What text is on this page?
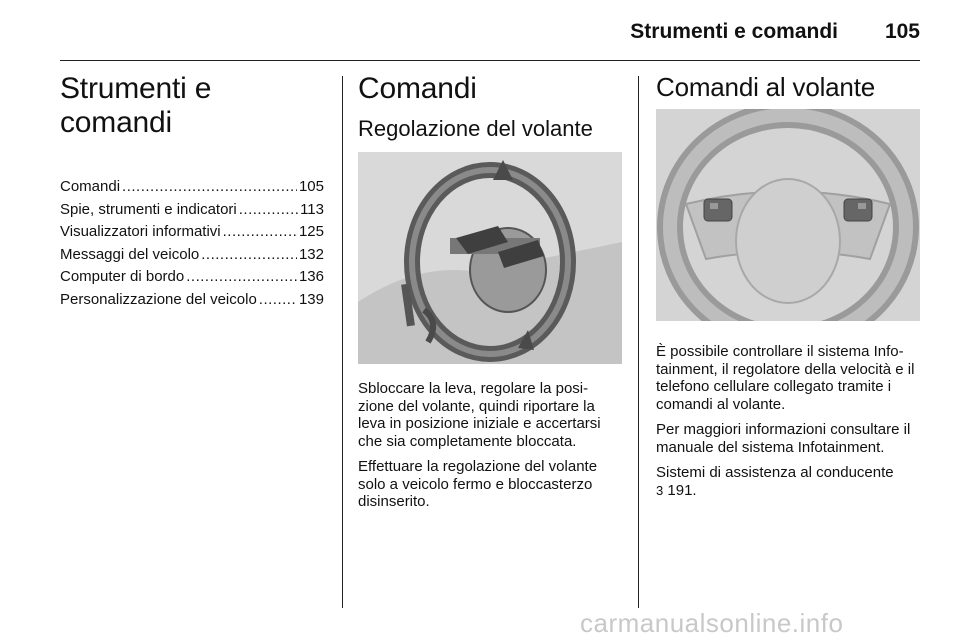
Strumenti e comandi 105
Strumenti e comandi
Comandi .....	105
Spie, strumenti e indicatori .....	113
Visualizzatori informativi .....	125
Messaggi del veicolo .....	132
Computer di bordo .....	136
Personalizzazione del veicolo .....	139
Comandi
Regolazione del volante

Sbloccare la leva, regolare la posi- zione del volante, quindi riportare la leva in posizione iniziale e accertarsi che sia completamente bloccata.

Effettuare la regolazione del volante solo a veicolo fermo e bloccasterzo disinserito.

Comandi al volante

È possibile controllare il sistema Info-tainment, il regolatore della velocità e il telefono cellulare collegato tramite i comandi al volante.

Per maggiori informazioni consultare il manuale del sistema Infotainment.

Sistemi di assistenza al conducente
3 191.

carmanualsonline.info
